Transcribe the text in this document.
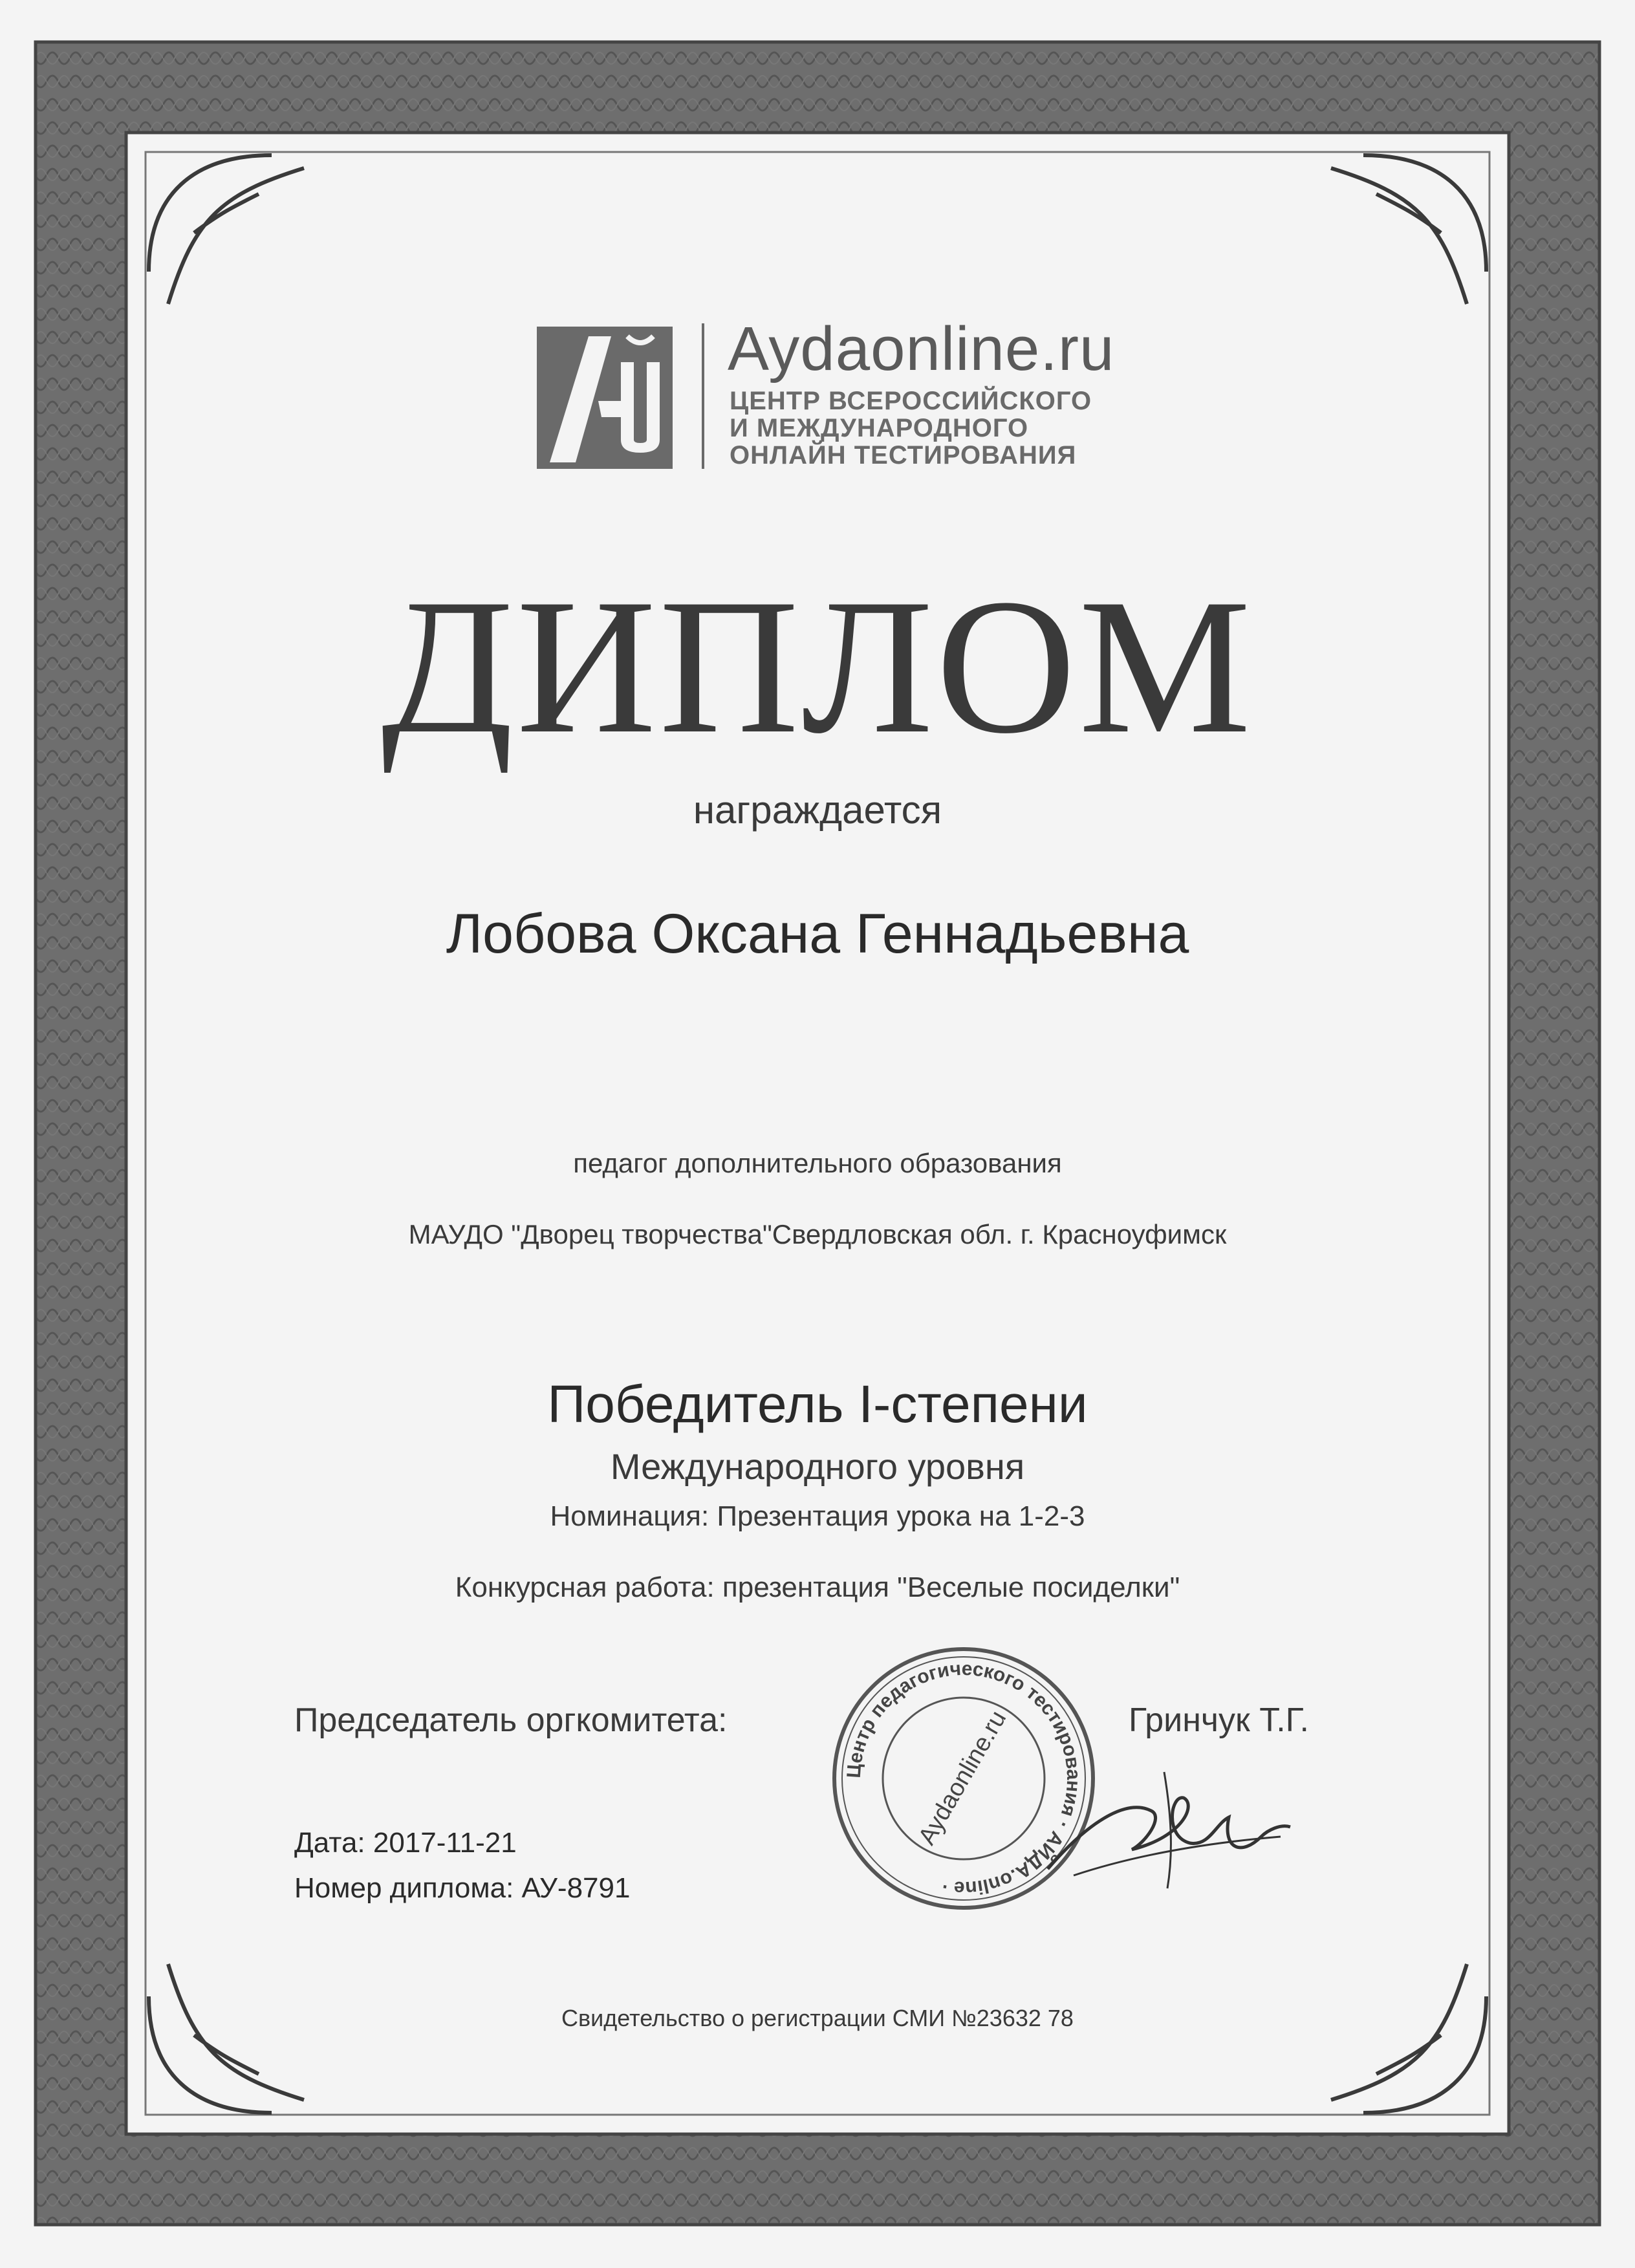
Aydaonline.ru
ЦЕНТР ВСЕРОССИЙСКОГО
И МЕЖДУНАРОДНОГО
ОНЛАЙН ТЕСТИРОВАНИЯ
ДИПЛОМ
награждается
Лобова Оксана Геннадьевна
педагог дополнительного образования
МАУДО "Дворец творчества"Свердловская обл. г. Красноуфимск
Победитель I-степени
Международного уровня
Номинация: Презентация урока на 1-2-3
Конкурсная работа: презентация "Веселые посиделки"
Председатель оргкомитета:	Гринчук Т.Г.
Центр педагогического тестирования · АЙДА.online ·
Aydaonline.ru
Дата: 2017-11-21
Номер диплома: АУ-8791
Свидетельство о регистрации СМИ №23632 78
